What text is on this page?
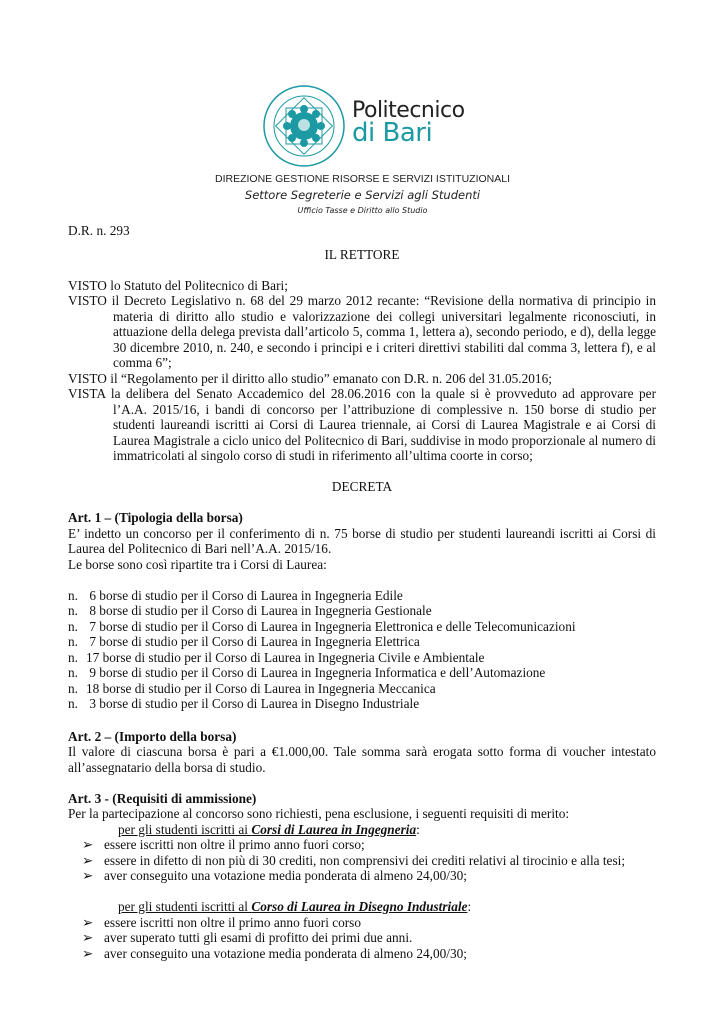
Politecnico
di Bari
DIREZIONE GESTIONE RISORSE E SERVIZI ISTITUZIONALI
Settore Segreterie e Servizi agli Studenti
Ufficio Tasse e Diritto allo Studio

D.R. n. 293

IL RETTORE

VISTO lo Statuto del Politecnico di Bari;

VISTO il Decreto Legislativo n. 68 del 29 marzo 2012 recante: “Revisione della normativa di principio in materia di diritto allo studio e valorizzazione dei collegi universitari legalmente riconosciuti, in attuazione della delega prevista dall’articolo 5, comma 1, lettera a), secondo periodo, e d), della legge 30 dicembre 2010, n. 240, e secondo i principi e i criteri direttivi stabiliti dal comma 3, lettera f), e al comma 6”;

VISTO il “Regolamento per il diritto allo studio” emanato con D.R. n. 206 del 31.05.2016;

VISTA la delibera del Senato Accademico del 28.06.2016 con la quale si è provveduto ad approvare per l’A.A. 2015/16, i bandi di concorso per l’attribuzione di complessive n. 150 borse di studio per studenti laureandi iscritti ai Corsi di Laurea triennale, ai Corsi di Laurea Magistrale e ai Corsi di Laurea Magistrale a ciclo unico del Politecnico di Bari, suddivise in modo proporzionale al numero di immatricolati al singolo corso di studi in riferimento all’ultima coorte in corso;

DECRETA

Art. 1 – (Tipologia della borsa)

E’ indetto un concorso per il conferimento di n. 75 borse di studio per studenti laureandi iscritti ai Corsi di Laurea del Politecnico di Bari nell’A.A. 2015/16.

Le borse sono così ripartite tra i Corsi di Laurea:

n. 6 borse di studio per il Corso di Laurea in Ingegneria Edile

n. 8 borse di studio per il Corso di Laurea in Ingegneria Gestionale

n. 7 borse di studio per il Corso di Laurea in Ingegneria Elettronica e delle Telecomunicazioni

n. 7 borse di studio per il Corso di Laurea in Ingegneria Elettrica

n. 17 borse di studio per il Corso di Laurea in Ingegneria Civile e Ambientale

n. 9 borse di studio per il Corso di Laurea in Ingegneria Informatica e dell’Automazione

n. 18 borse di studio per il Corso di Laurea in Ingegneria Meccanica

n. 3 borse di studio per il Corso di Laurea in Disegno Industriale

Art. 2 – (Importo della borsa)

Il valore di ciascuna borsa è pari a €1.000,00. Tale somma sarà erogata sotto forma di voucher intestato all’assegnatario della borsa di studio.

Art. 3 - (Requisiti di ammissione)

Per la partecipazione al concorso sono richiesti, pena esclusione, i seguenti requisiti di merito:

per gli studenti iscritti ai Corsi di Laurea in Ingegneria:

➢ essere iscritti non oltre il primo anno fuori corso;

➢ essere in difetto di non più di 30 crediti, non comprensivi dei crediti relativi al tirocinio e alla tesi;

➢ aver conseguito una votazione media ponderata di almeno 24,00/30;

per gli studenti iscritti al Corso di Laurea in Disegno Industriale:

➢ essere iscritti non oltre il primo anno fuori corso

➢ aver superato tutti gli esami di profitto dei primi due anni.

➢ aver conseguito una votazione media ponderata di almeno 24,00/30;
